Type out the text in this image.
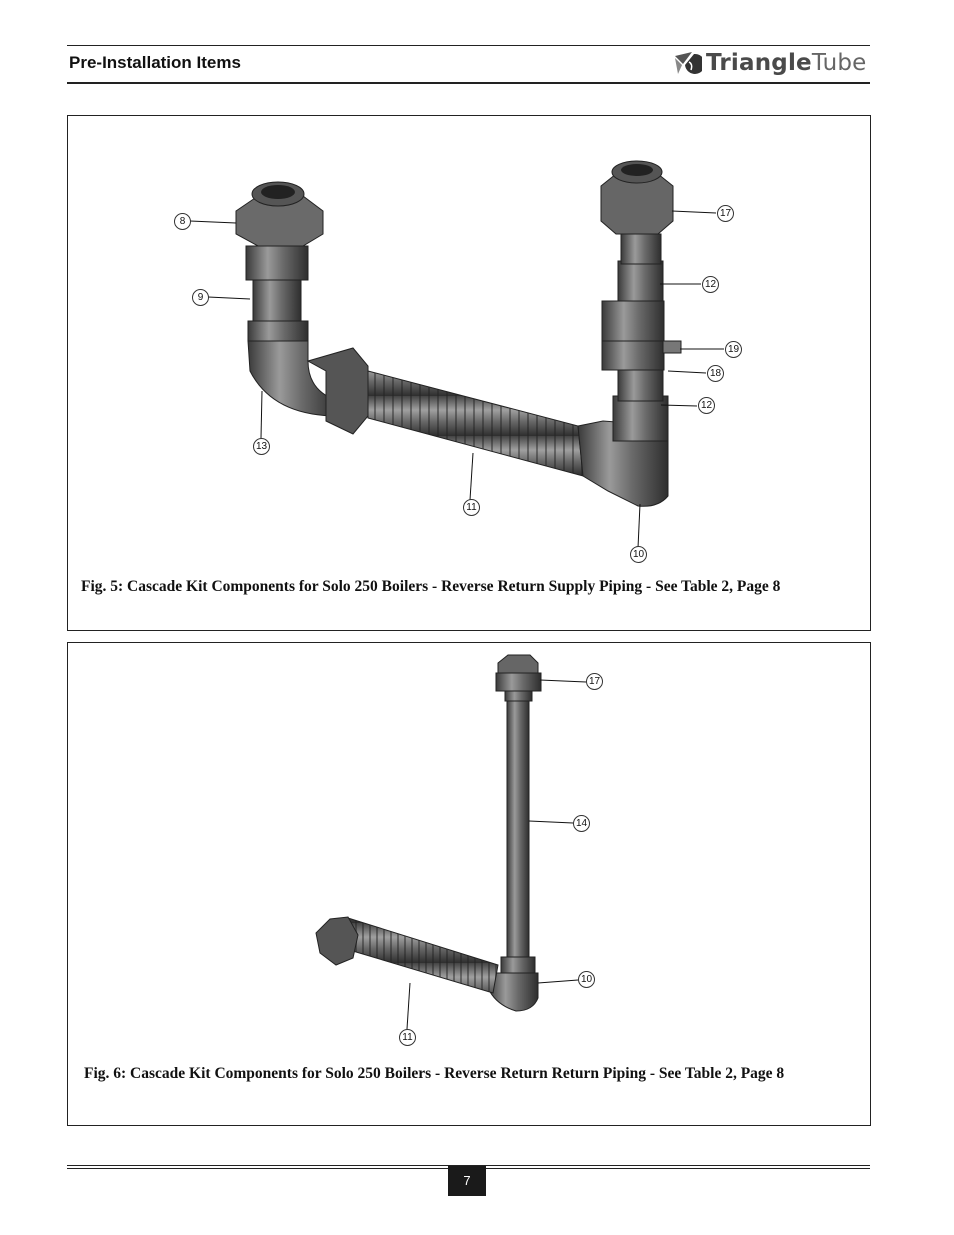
Pre-Installation Items	TriangleTube
8
9
13
11
10
17
12
19
18
12
Fig. 5: Cascade Kit Components for Solo 250 Boilers - Reverse Return Supply Piping - See Table 2, Page 8
17
14
10
11
Fig. 6: Cascade Kit Components for Solo 250 Boilers - Reverse Return Return Piping - See Table 2, Page 8
7
